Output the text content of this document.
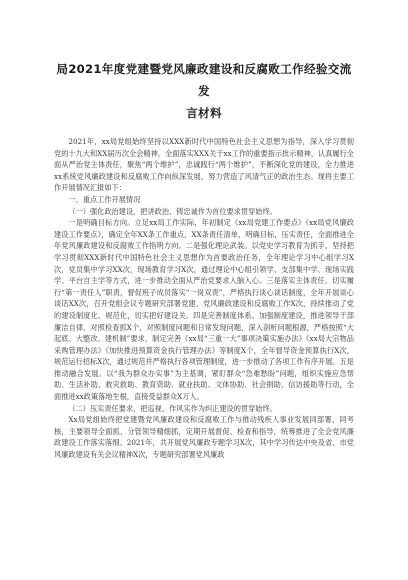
局2021年度党建暨党风廉政建设和反腐败工作经验交流发
言材料

2021年，xx局党组始终坚持以XXX新时代中国特色社会主义思想为指导，深入学习贯彻党的十九大和XX届历次全会精神，全面落实XXX关于xx工作的重要指示批示精神，认真履行全面从严治党主体责任，聚焦“两个维护”，忠诚践行“两个维护”，不断深化党的建设，全力推进xx系统党风廉政建设和反腐败工作向纵深发展，努力营造了风清气正的政治生态。现将主要工作开展情况汇报如下：

一、重点工作开展情况

（一）强化政治建设，把讲政治、铸忠诚作为首位要求贯穿始终。

一是明确目标方向。立足xx局工作实际，年初制定《xx局党建工作要点》《xx局党风廉政建设工作要点》，确定全年XX条工作重点，XX条责任清单，明确目标，压实责任，全面推进全年党风廉政建设和反腐败工作指明方向。二是强化理论武装。以党史学习教育为抓手，坚持把学习贯彻XXX新时代中国特色社会主义思想作为首要政治任务，全年理论学习中心组学习X次，党员集中学习XX次，现场教育学习X次，通过理论中心组引领学、支部集中学、现场实践学、平台自主学等方式，进一步推动全面从严治党要求入脑入心。三是落实主体责任。切实履行“第一责任人”职责，督促班子成员落实“一岗双责”，严格执行谈心谈话制度，全年开展谈心谈话XX次，召开党组会议专题研究部署党建、党风廉政建设和反腐败工作X次，持续推动了党的建设制度化、规范化，切实把好建设关。四是完善制度体系。加强制度建设，推进领导干部廉洁自律、对照检查抓X个，对照制度问题和日常发现问题，深入剖析问题根源，严格按照“大起底、大整改、建机制”要求，制定完善《xx局“三重一大”事项决策实施办法》《xx局大宗物品采购管理办法》《加快推进预算资金执行管理办法》等制度X个，全年督导资金预算执行X次，规范运行招标X次，通过规范并严格执行各项管理制度，进一步推动了各项工作有序开展。五是推动融合发展。以“我为群众办实事”为主基调，紧盯群众“急难愁盼”问题，组织实施应急帮助、生活补助、救灾救助、教育资助、就业扶助、文体协助、社会捐助、信访援助等行动，全面推进xx政策落地生根，直接受益群众X万人。

（二）压实责任要求，把巡视、作风实作为纠正建设的贯穿始终。

Xx局党组始终把党建暨党风廉政建设和反腐败工作与推动残疾人事业发展同部署、同考核，主要领导全面抓、分管领导精细抓，定期开展督促、检查和指导，统筹推进了全会党风廉政建设工作落实落细。2021年，共开展党风廉政专题学习X次，其中学习传达中央及省、市党风廉政建设有关会议精神X次，专题研究部署党风廉政
